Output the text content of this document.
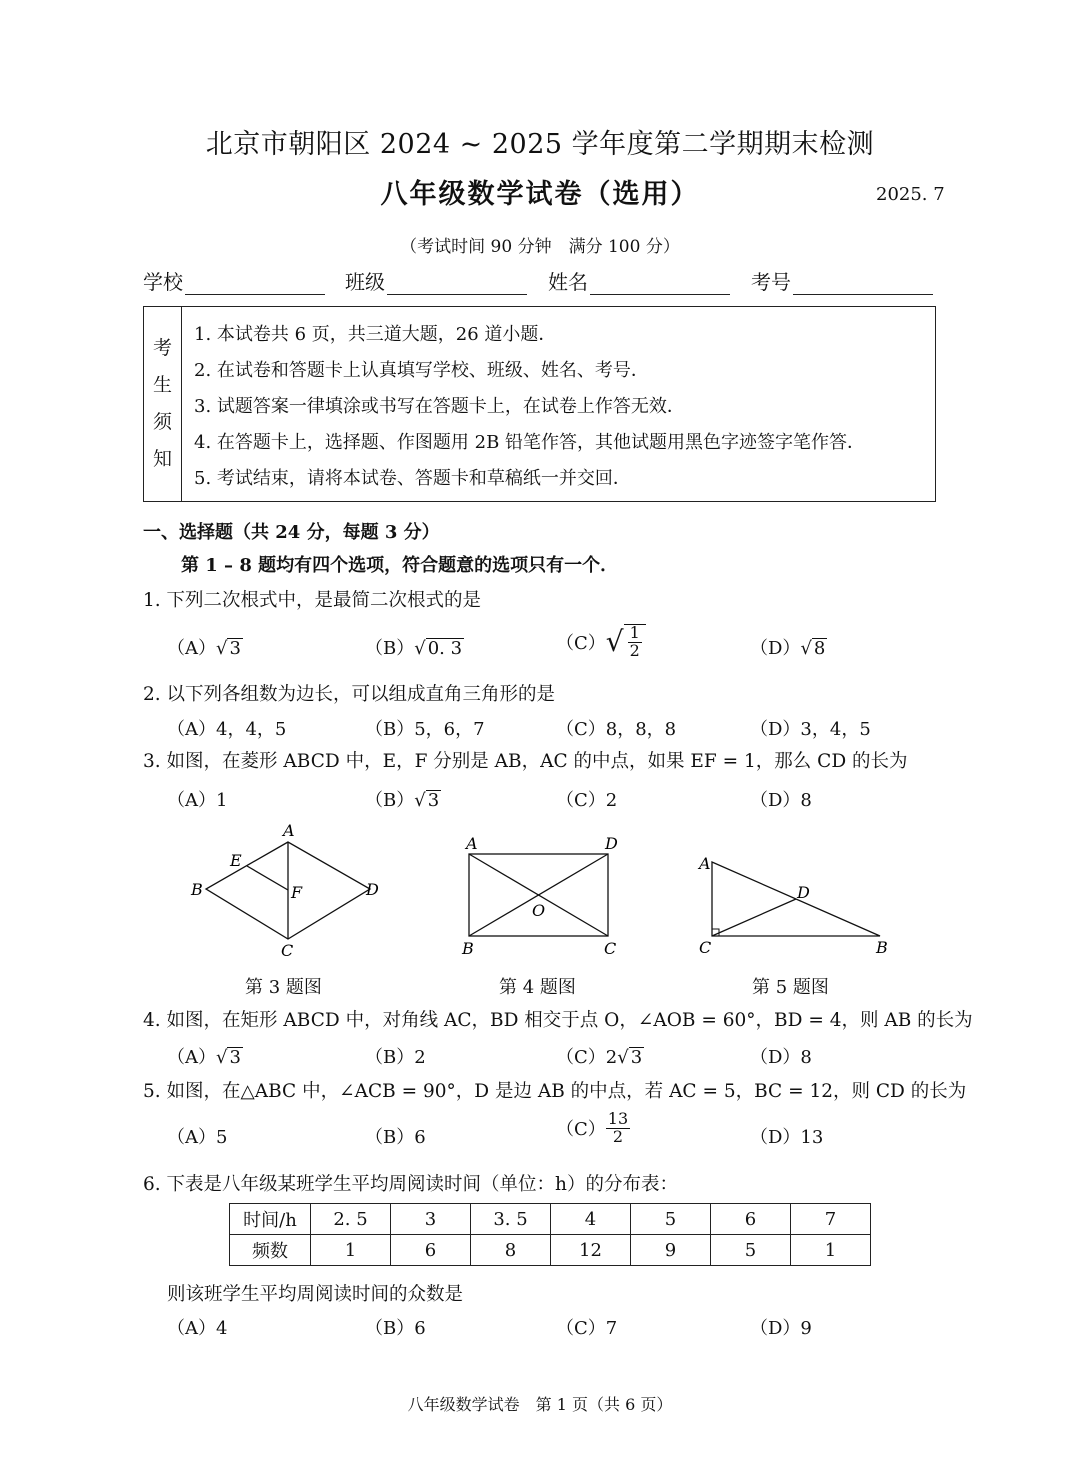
北京市朝阳区 2024 ~ 2025 学年度第二学期期末检测
八年级数学试卷（选用）	2025. 7
（考试时间 90 分钟　满分 100 分）
学校	班级	姓名	考号
考
生
须
知
1. 本试卷共 6 页，共三道大题，26 道小题．
2. 在试卷和答题卡上认真填写学校、班级、姓名、考号．
3. 试题答案一律填涂或书写在答题卡上，在试卷上作答无效．
4. 在答题卡上，选择题、作图题用 2B 铅笔作答，其他试题用黑色字迹签字笔作答．
5. 考试结束，请将本试卷、答题卡和草稿纸一并交回．
一、选择题（共 24 分，每题 3 分）
第 1 – 8 题均有四个选项，符合题意的选项只有一个．
1. 下列二次根式中，是最简二次根式的是
（A）√ 3	（B）√ 0. 3	（C） √ $\frac{1}{2}$	（D）√ 8
2. 以下列各组数为边长，可以组成直角三角形的是
（A）4，4，5	（B）5，6，7	（C）8，8，8	（D）3，4，5
3. 如图，在菱形 ABCD 中，E，F 分别是 AB，AC 的中点，如果 EF = 1，那么 CD 的长为
（A）1	（B）√ 3	（C）2	（D）8
A
B
C
D
E
F
A
B	C
D
O
A
B
C
D
第 3 题图	第 4 题图	第 5 题图
4. 如图，在矩形 ABCD 中，对角线 AC，BD 相交于点 O，∠AOB = 60°，BD = 4，则 AB 的长为
（A）√ 3	（B）2	（C）2√ 3	（D）8
5. 如图，在△ABC 中，∠ACB = 90°，D 是边 AB 的中点，若 AC = 5，BC = 12，则 CD 的长为
（A）5	（B）6	$(C) \frac{13}{2}$	（D）13
6. 下表是八年级某班学生平均周阅读时间（单位：h）的分布表：
时间/h	2. 5	3	3. 5	4	5	6	7
频数	1	6	8	12	9	5	1
则该班学生平均周阅读时间的众数是
（A）4	（B）6	（C）7	（D）9
八年级数学试卷　第 1 页（共 6 页）
